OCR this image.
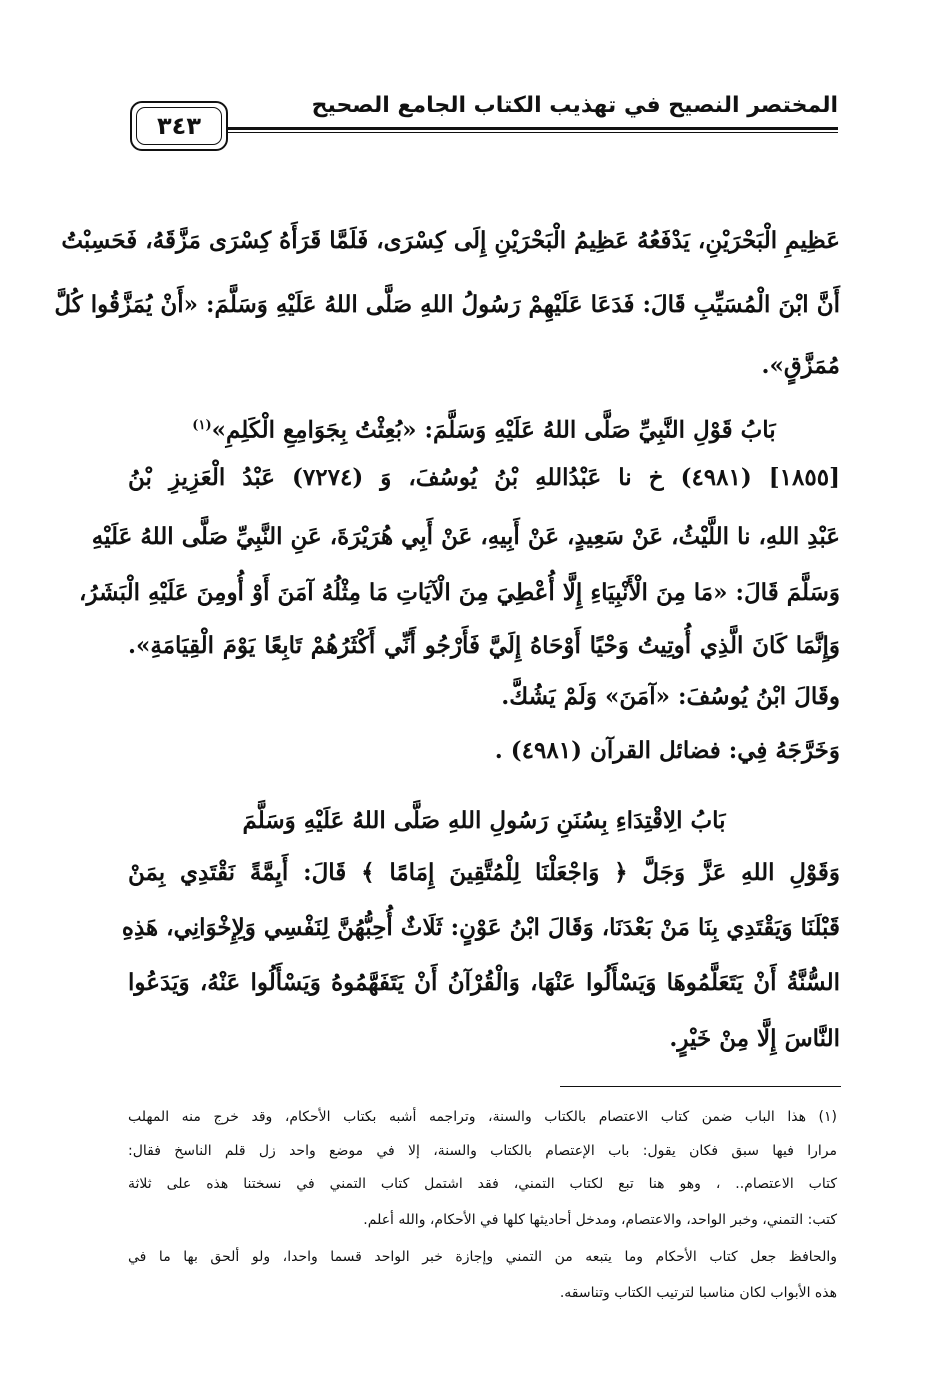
المختصر النصيح في تهذيب الكتاب الجامع الصحيح
٣٤٣
عَظِيمِ الْبَحْرَيْنِ، يَدْفَعُهُ عَظِيمُ الْبَحْرَيْنِ إِلَى كِسْرَى، فَلَمَّا قَرَأَهُ كِسْرَى مَزَّقَهُ، فَحَسِبْتُ
أَنَّ ابْنَ الْمُسَيِّبِ قَالَ: فَدَعَا عَلَيْهِمْ رَسُولُ اللهِ صَلَّى اللهُ عَلَيْهِ وَسَلَّمَ: «أَنْ يُمَزَّقُوا كُلَّ
مُمَزَّقٍ».
بَابُ قَوْلِ النَّبِيِّ صَلَّى اللهُ عَلَيْهِ وَسَلَّمَ: «بُعِثْتُ بِجَوَامِعِ الْكَلِمِ»$^{(١)}$
[١٨٥٥] (٤٩٨١) خ نا عَبْدُاللهِ بْنُ يُوسُفَ، وَ (٧٢٧٤) عَبْدُ الْعَزِيزِ بْنُ
عَبْدِ اللهِ، نا اللَّيْثُ، عَنْ سَعِيدٍ، عَنْ أَبِيهِ، عَنْ أَبِي هُرَيْرَةَ، عَنِ النَّبِيِّ صَلَّى اللهُ عَلَيْهِ
وَسَلَّمَ قَالَ: «مَا مِنَ الْأَنْبِيَاءِ إِلَّا أُعْطِيَ مِنَ الْآيَاتِ مَا مِثْلُهُ آمَنَ أَوْ أُومِنَ عَلَيْهِ الْبَشَرُ،
وَإِنَّمَا كَانَ الَّذِي أُوتِيتُ وَحْيًا أَوْحَاهُ إِلَيَّ فَأَرْجُو أَنِّي أَكْثَرُهُمْ تَابِعًا يَوْمَ الْقِيَامَةِ».
وقَالَ ابْنُ يُوسُفَ: «آمَنَ» وَلَمْ يَشُكَّ.
وَخَرَّجَهُ فِي: فضائل القرآن (٤٩٨١) .
بَابُ الِاقْتِدَاءِ بِسُنَنِ رَسُولِ اللهِ صَلَّى اللهُ عَلَيْهِ وَسَلَّمَ
وَقَوْلِ اللهِ عَزَّ وَجَلَّ ﴿ وَاجْعَلْنَا لِلْمُتَّقِينَ إِمَامًا ﴾ قَالَ: أَيِمَّةً نَقْتَدِي بِمَنْ
قَبْلَنَا وَيَقْتَدِي بِنَا مَنْ بَعْدَنَا، وَقَالَ ابْنُ عَوْنٍ: ثَلَاثٌ أُحِبُّهُنَّ لِنَفْسِي وَلِإِخْوَانِي، هَذِهِ
السُّنَّةُ أَنْ يَتَعَلَّمُوهَا وَيَسْأَلُوا عَنْهَا، وَالْقُرْآنُ أَنْ يَتَفَهَّمُوهُ وَيَسْأَلُوا عَنْهُ، وَيَدَعُوا
النَّاسَ إِلَّا مِنْ خَيْرٍ.
(١) هذا الباب ضمن كتاب الاعتصام بالكتاب والسنة، وتراجمه أشبه بكتاب الأحكام، وقد خرج منه المهلب
مرارا فيها سبق فكان يقول: باب الإعتصام بالكتاب والسنة، إلا في موضع واحد زل قلم الناسخ فقال:
كتاب الاعتصام.. ، وهو هنا تبع لكتاب التمني، فقد اشتمل كتاب التمني في نسختنا هذه على ثلاثة
كتب: التمني، وخبر الواحد، والاعتصام، ومدخل أحاديثها كلها في الأحكام، والله أعلم.
والحافظ جعل كتاب الأحكام وما يتبعه من التمني وإجازة خبر الواحد قسما واحدا، ولو ألحق بها ما في
هذه الأبواب لكان مناسبا لترتيب الكتاب وتناسقه.
